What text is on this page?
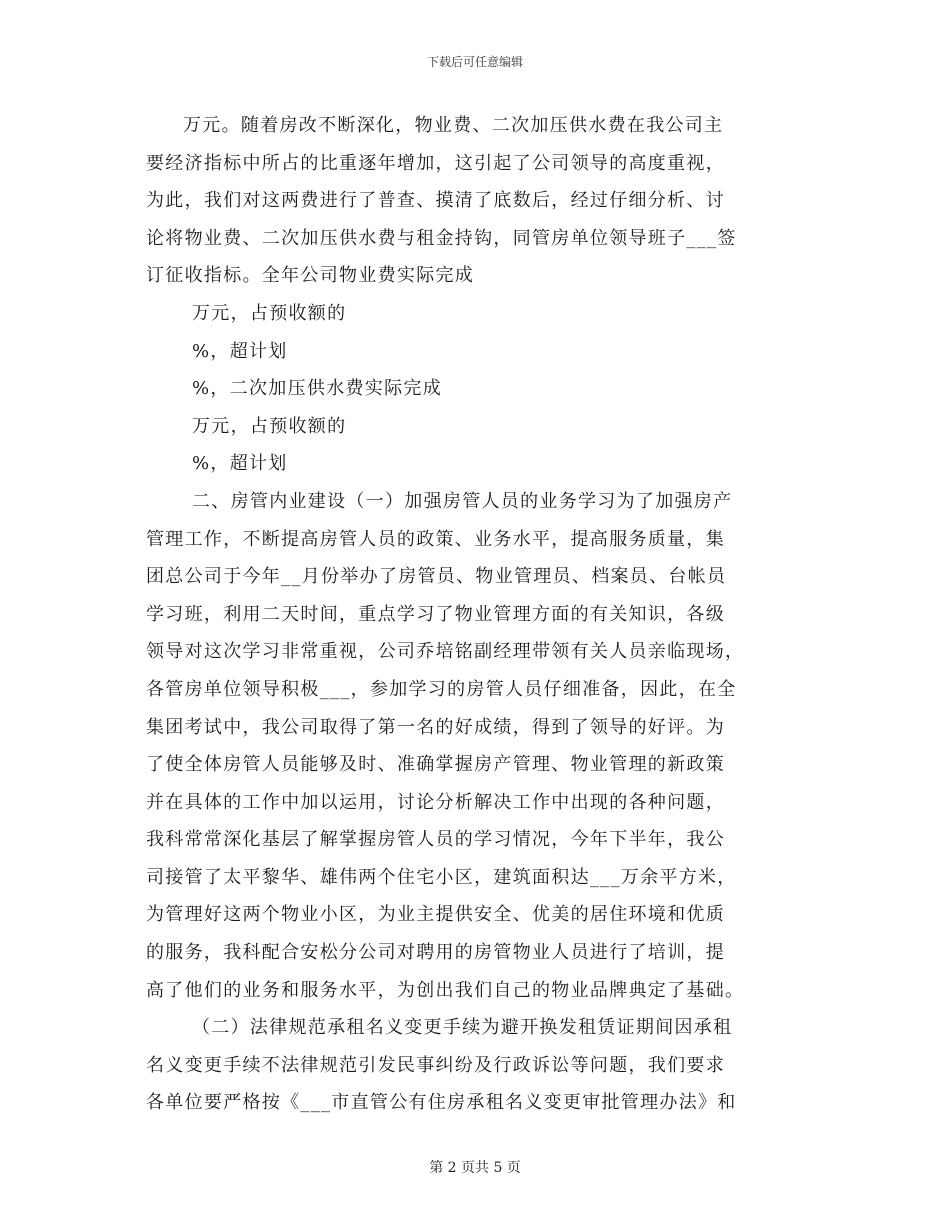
下载后可任意编辑
万元。随着房改不断深化，物业费、二次加压供水费在我公司主
要经济指标中所占的比重逐年增加，这引起了公司领导的高度重视，
为此，我们对这两费进行了普查、摸清了底数后，经过仔细分析、讨
论将物业费、二次加压供水费与租金持钩，同管房单位领导班子___签
订征收指标。全年公司物业费实际完成
万元，占预收额的
%，超计划
%，二次加压供水费实际完成
万元，占预收额的
%，超计划
二、房管内业建设（一）加强房管人员的业务学习为了加强房产
管理工作，不断提高房管人员的政策、业务水平，提高服务质量，集
团总公司于今年__月份举办了房管员、物业管理员、档案员、台帐员
学习班，利用二天时间，重点学习了物业管理方面的有关知识，各级
领导对这次学习非常重视，公司乔培铭副经理带领有关人员亲临现场，
各管房单位领导积极___，参加学习的房管人员仔细准备，因此，在全
集团考试中，我公司取得了第一名的好成绩，得到了领导的好评。为
了使全体房管人员能够及时、准确掌握房产管理、物业管理的新政策
并在具体的工作中加以运用，讨论分析解决工作中出现的各种问题，
我科常常深化基层了解掌握房管人员的学习情况，今年下半年，我公
司接管了太平黎华、雄伟两个住宅小区，建筑面积达___万余平方米，
为管理好这两个物业小区，为业主提供安全、优美的居住环境和优质
的服务，我科配合安松分公司对聘用的房管物业人员进行了培训，提
高了他们的业务和服务水平，为创出我们自己的物业品牌典定了基础。
（二）法律规范承租名义变更手续为避开换发租赁证期间因承租
名义变更手续不法律规范引发民事纠纷及行政诉讼等问题，我们要求
各单位要严格按《___市直管公有住房承租名义变更审批管理办法》和
第 2 页共 5 页
